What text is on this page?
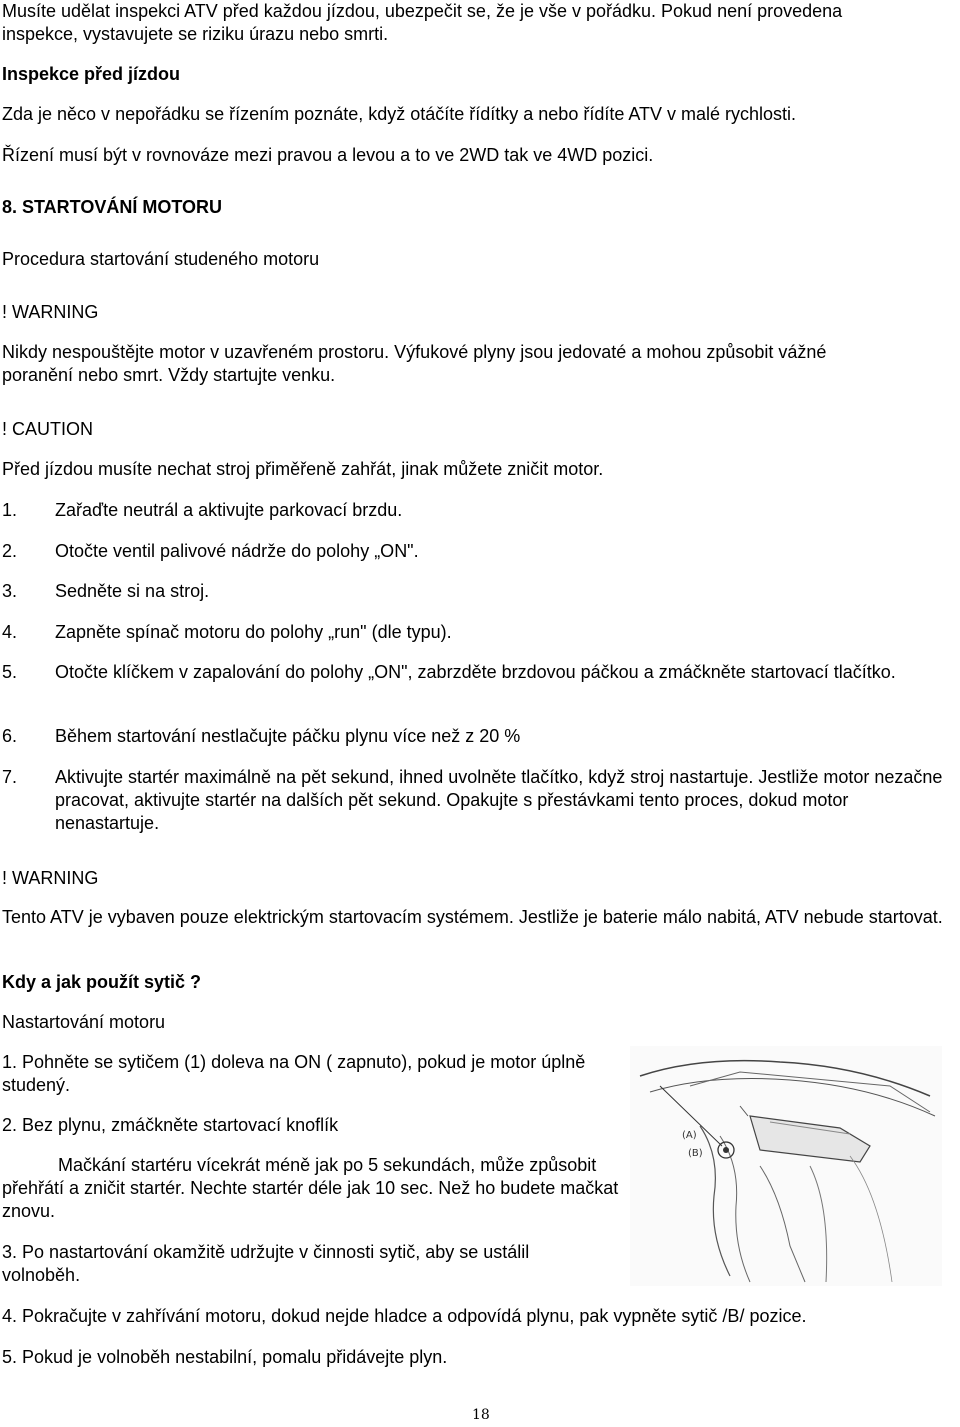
Musíte udělat inspekci ATV před každou jízdou, ubezpečit se, že je vše v pořádku. Pokud není provedena

inspekce, vystavujete se riziku úrazu nebo smrti.

Inspekce před jízdou

Zda je něco v nepořádku se řízením poznáte, když otáčíte řídítky a nebo řídíte ATV v malé rychlosti.

Řízení musí být v rovnováze mezi pravou a levou a to ve 2WD tak ve 4WD pozici.

8. STARTOVÁNÍ MOTORU

Procedura startování studeného motoru

! WARNING

Nikdy nespouštějte motor v uzavřeném prostoru. Výfukové plyny jsou jedovaté a mohou způsobit vážné

poranění nebo smrt. Vždy startujte venku.

! CAUTION

Před jízdou musíte nechat stroj přiměřeně zahřát, jinak můžete zničit motor.

1. Zařaďte neutrál a aktivujte parkovací brzdu.
2. Otočte ventil palivové nádrže do polohy „ON".
3. Sedněte si na stroj.
4. Zapněte spínač motoru do polohy „run" (dle typu).
5. Otočte klíčkem v zapalování do polohy „ON", zabrzděte brzdovou páčkou a zmáčkněte startovací tlačítko.
6. Během startování nestlačujte páčku plynu více než z 20 %
7. Aktivujte startér maximálně na pět sekund, ihned uvolněte tlačítko, když stroj nastartuje. Jestliže motor nezačne pracovat, aktivujte startér na dalších pět sekund. Opakujte s přestávkami tento proces, dokud motor nenastartuje.

! WARNING

Tento ATV je vybaven pouze elektrickým startovacím systémem. Jestliže je baterie málo nabitá, ATV nebude startovat.

Kdy a jak použít sytič ?

Nastartování motoru

1. Pohněte se sytičem (1) doleva na ON ( zapnuto), pokud je motor úplně studený.

2. Bez plynu, zmáčkněte startovací knoflík

Mačkání startéru vícekrát méně jak po 5 sekundách, může způsobit přehřátí a zničit startér. Nechte startér déle jak 10 sec. Než ho budete mačkat znovu.

3. Po nastartování okamžitě udržujte v činnosti sytič, aby se ustálil volnoběh.

4. Pokračujte v zahřívání motoru, dokud nejde hladce a odpovídá plynu, pak vypněte sytič /B/ pozice.

5. Pokud je volnoběh nestabilní, pomalu přidávejte plyn.

(A)
(B)
18
